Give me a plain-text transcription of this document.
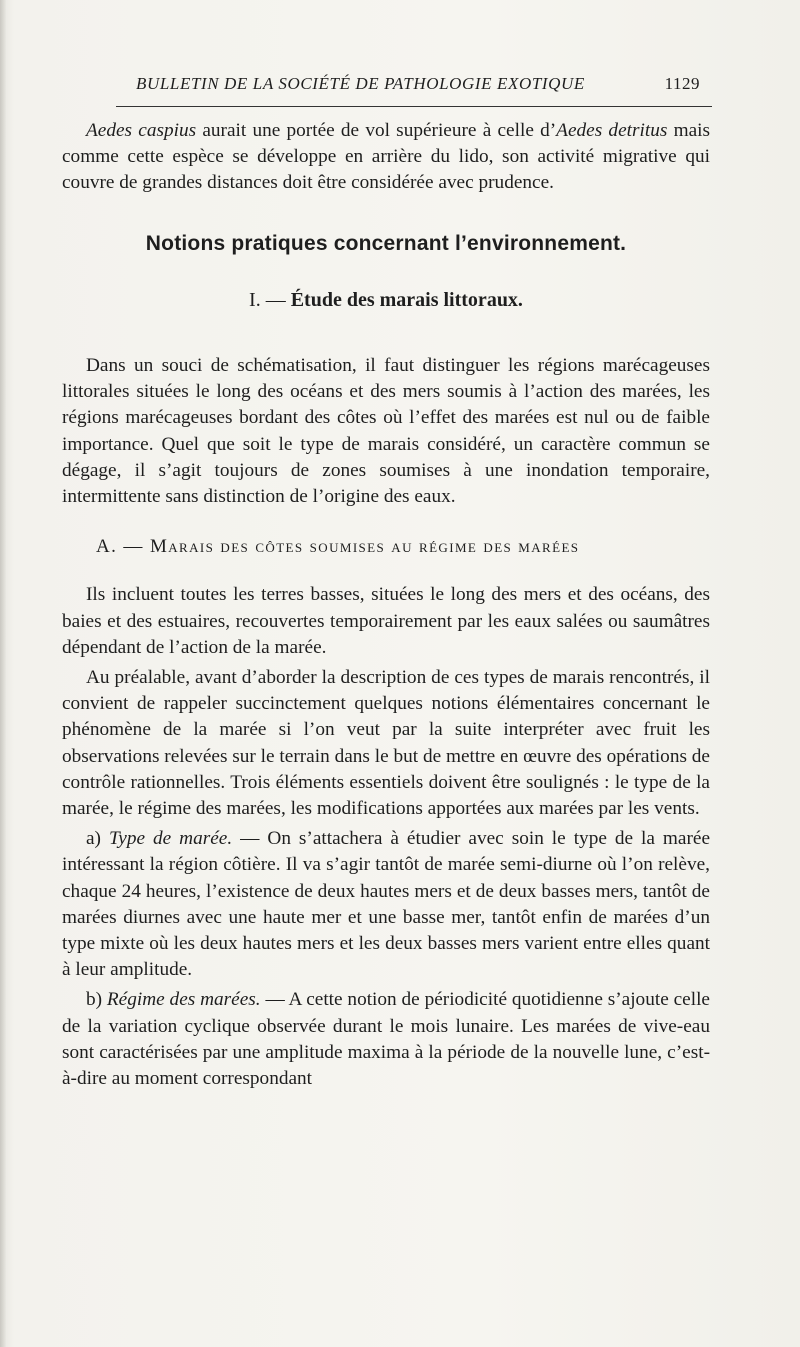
BULLETIN DE LA SOCIÉTÉ DE PATHOLOGIE EXOTIQUE	1129

Aedes caspius aurait une portée de vol supérieure à celle d’Aedes detritus mais comme cette espèce se développe en arrière du lido, son activité migrative qui couvre de grandes distances doit être considérée avec prudence.

Notions pratiques concernant l’environnement.

I. — Étude des marais littoraux.

Dans un souci de schématisation, il faut distinguer les régions marécageuses littorales situées le long des océans et des mers soumis à l’action des marées, les régions marécageuses bordant des côtes où l’effet des marées est nul ou de faible importance. Quel que soit le type de marais considéré, un caractère commun se dégage, il s’agit toujours de zones soumises à une inondation temporaire, intermittente sans distinction de l’origine des eaux.

A. — Marais des côtes soumises au régime des marées

Ils incluent toutes les terres basses, situées le long des mers et des océans, des baies et des estuaires, recouvertes temporairement par les eaux salées ou saumâtres dépendant de l’action de la marée.

Au préalable, avant d’aborder la description de ces types de marais rencontrés, il convient de rappeler succinctement quelques notions élémentaires concernant le phénomène de la marée si l’on veut par la suite interpréter avec fruit les observations relevées sur le terrain dans le but de mettre en œuvre des opérations de contrôle rationnelles. Trois éléments essentiels doivent être soulignés : le type de la marée, le régime des marées, les modifications apportées aux marées par les vents.

a) Type de marée. — On s’attachera à étudier avec soin le type de la marée intéressant la région côtière. Il va s’agir tantôt de marée semi-diurne où l’on relève, chaque 24 heures, l’existence de deux hautes mers et de deux basses mers, tantôt de marées diurnes avec une haute mer et une basse mer, tantôt enfin de marées d’un type mixte où les deux hautes mers et les deux basses mers varient entre elles quant à leur amplitude.

b) Régime des marées. — A cette notion de périodicité quotidienne s’ajoute celle de la variation cyclique observée durant le mois lunaire. Les marées de vive-eau sont caractérisées par une amplitude maxima à la période de la nouvelle lune, c’est-à-dire au moment correspondant
